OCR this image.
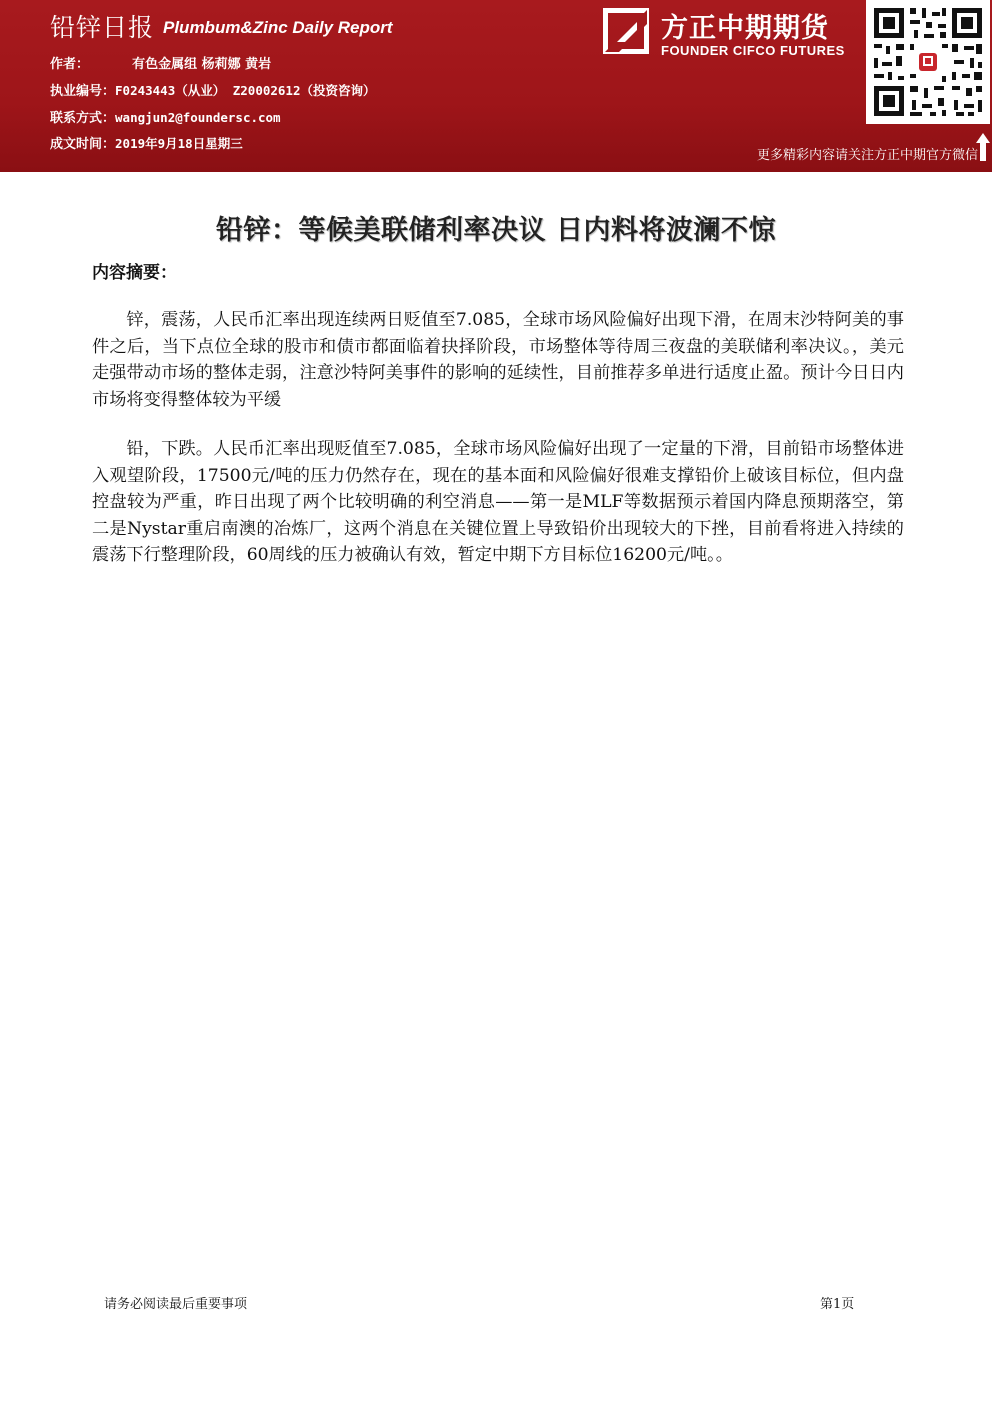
铅锌日报 Plumbum&Zinc Daily Report
作者：	有色金属组 杨莉娜 黄岩
执业编号：F0243443（从业） Z20002612（投资咨询）
联系方式：wangjun2@foundersc.com
成文时间：2019年9月18日星期三
方正中期期货
FOUNDER CIFCO FUTURES
更多精彩内容请关注方正中期官方微信
铅锌：等候美联储利率决议 日内料将波澜不惊
内容摘要：
锌，震荡，人民币汇率出现连续两日贬值至7.085，全球市场风险偏好出现下滑，在周末沙特阿美的事件之后，当下点位全球的股市和债市都面临着抉择阶段，市场整体等待周三夜盘的美联储利率决议。，美元走强带动市场的整体走弱，注意沙特阿美事件的影响的延续性，目前推荐多单进行适度止盈。预计今日日内市场将变得整体较为平缓
铅，下跌。人民币汇率出现贬值至7.085，全球市场风险偏好出现了一定量的下滑，目前铅市场整体进入观望阶段，17500元/吨的压力仍然存在，现在的基本面和风险偏好很难支撑铅价上破该目标位，但内盘控盘较为严重，昨日出现了两个比较明确的利空消息——第一是MLF等数据预示着国内降息预期落空，第二是Nystar重启南澳的冶炼厂，这两个消息在关键位置上导致铅价出现较大的下挫，目前看将进入持续的震荡下行整理阶段，60周线的压力被确认有效，暂定中期下方目标位16200元/吨。。
请务必阅读最后重要事项	第1页
